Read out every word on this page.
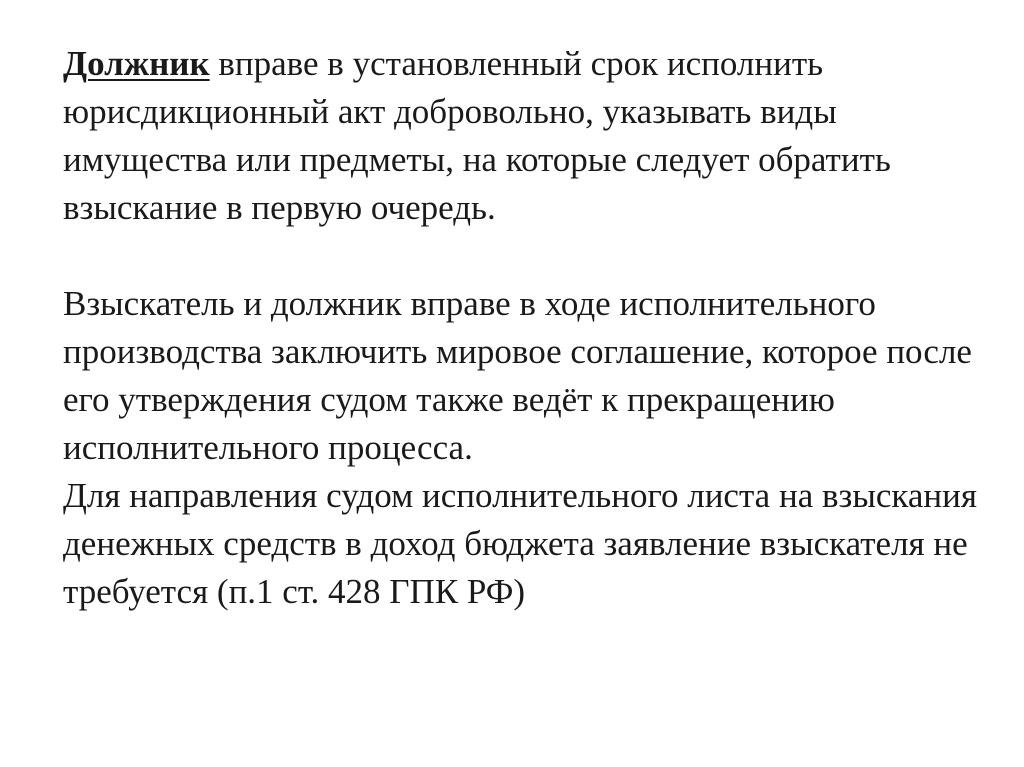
Должник вправе в установленный срок исполнить юрисдикционный акт добровольно, указывать виды имущества или предметы, на которые следует обратить взыскание в первую очередь.

Взыскатель и должник вправе в ходе исполнительного производства заключить мировое соглашение, которое после его утверждения судом также ведёт к прекращению исполнительного процесса.

Для направления судом исполнительного листа на взыскания денежных средств в доход бюджета заявление взыскателя не требуется (п.1 ст. 428 ГПК РФ)
